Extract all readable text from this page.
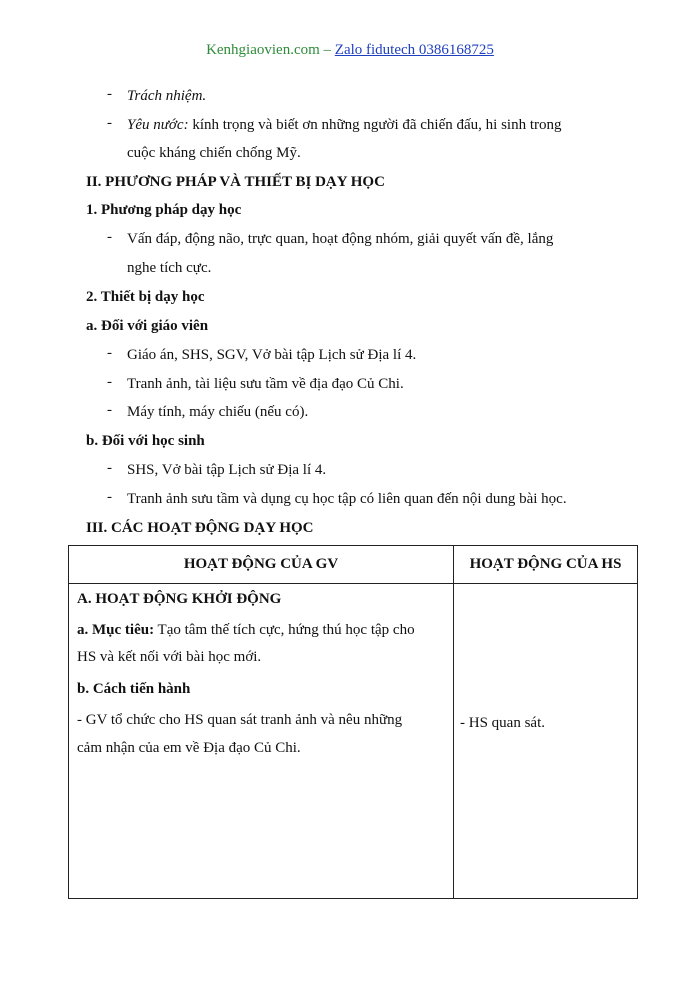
Kenhgiaovien.com – Zalo fidutech 0386168725
- Trách nhiệm.
- Yêu nước: kính trọng và biết ơn những người đã chiến đấu, hi sinh trong
cuộc kháng chiến chống Mỹ.
II. PHƯƠNG PHÁP VÀ THIẾT BỊ DẠY HỌC
1. Phương pháp dạy học
- Vấn đáp, động não, trực quan, hoạt động nhóm, giải quyết vấn đề, lắng
nghe tích cực.
2. Thiết bị dạy học
a. Đối với giáo viên
- Giáo án, SHS, SGV, Vở bài tập Lịch sử Địa lí 4.
- Tranh ảnh, tài liệu sưu tầm về địa đạo Củ Chi.
- Máy tính, máy chiếu (nếu có).
b. Đối với học sinh
- SHS, Vở bài tập Lịch sử Địa lí 4.
- Tranh ảnh sưu tầm và dụng cụ học tập có liên quan đến nội dung bài học.
III. CÁC HOẠT ĐỘNG DẠY HỌC
HOẠT ĐỘNG CỦA GV	HOẠT ĐỘNG CỦA HS
A. HOẠT ĐỘNG KHỞI ĐỘNG
a. Mục tiêu: Tạo tâm thế tích cực, hứng thú học tập cho
HS và kết nối với bài học mới.
b. Cách tiến hành
- GV tổ chức cho HS quan sát tranh ảnh và nêu những
cảm nhận của em về Địa đạo Củ Chi.
- HS quan sát.
